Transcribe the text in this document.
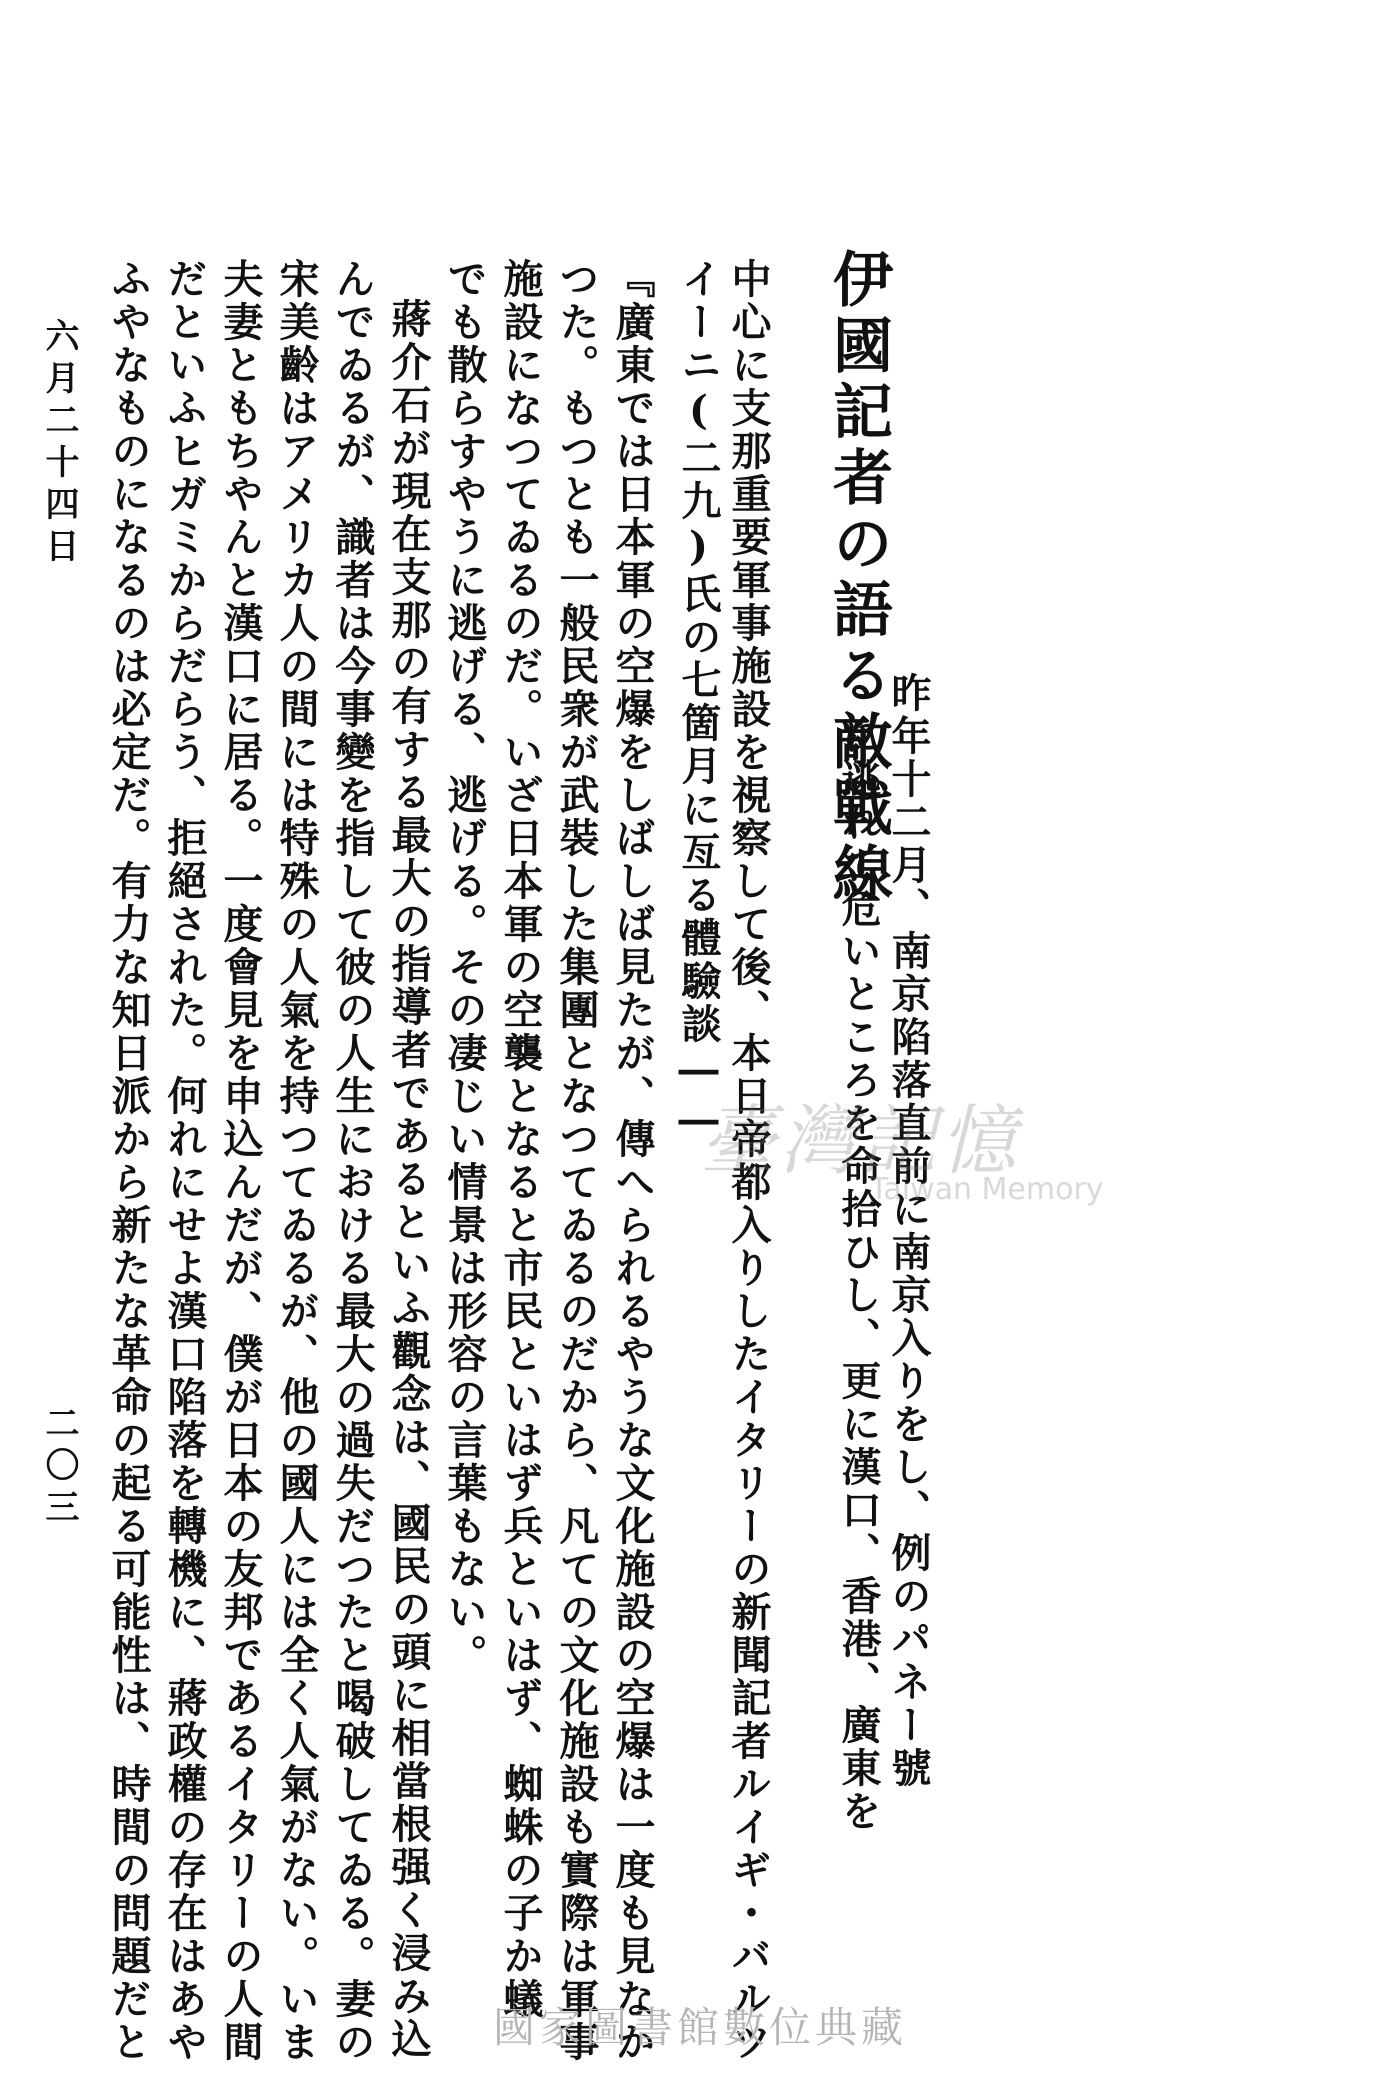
伊國記者の語る敵戰線
昨年十二月、南京陷落直前に南京入りをし、例のパネー號
に逃れて危いところを命拾ひし、更に漢口、香港、廣東を
中心に支那重要軍事施設を視察して後、本日帝都入りしたイタリーの新聞記者ルイギ・バルツ
イーニ(二九)氏の七箇月に亙る體驗談――
『廣東では日本軍の空爆をしばしば見たが、傳へられるやうな文化施設の空爆は一度も見なか
つた。もつとも一般民衆が武裝した集團となつてゐるのだから、凡ての文化施設も實際は軍事
施設になつてゐるのだ。いざ日本軍の空襲となると市民といはず兵といはず、蜘蛛の子か蟻
でも散らすやうに逃げる、逃げる。その凄じい情景は形容の言葉もない。
蔣介石が現在支那の有する最大の指導者であるといふ觀念は、國民の頭に相當根强く浸み込
んでゐるが、識者は今事變を指して彼の人生における最大の過失だつたと喝破してゐる。妻の
宋美齡はアメリカ人の間には特殊の人氣を持つてゐるが、他の國人には全く人氣がない。いま
夫妻ともちやんと漢口に居る。一度會見を申込んだが、僕が日本の友邦であるイタリーの人間
だといふヒガミからだらう、拒絕された。何れにせよ漢口陷落を轉機に、蔣政權の存在はあや
ふやなものになるのは必定だ。有力な知日派から新たな革命の起る可能性は、時間の問題だと
六月二十四日
二〇三
臺灣記憶
Taiwan Memory
國家圖書館數位典藏
